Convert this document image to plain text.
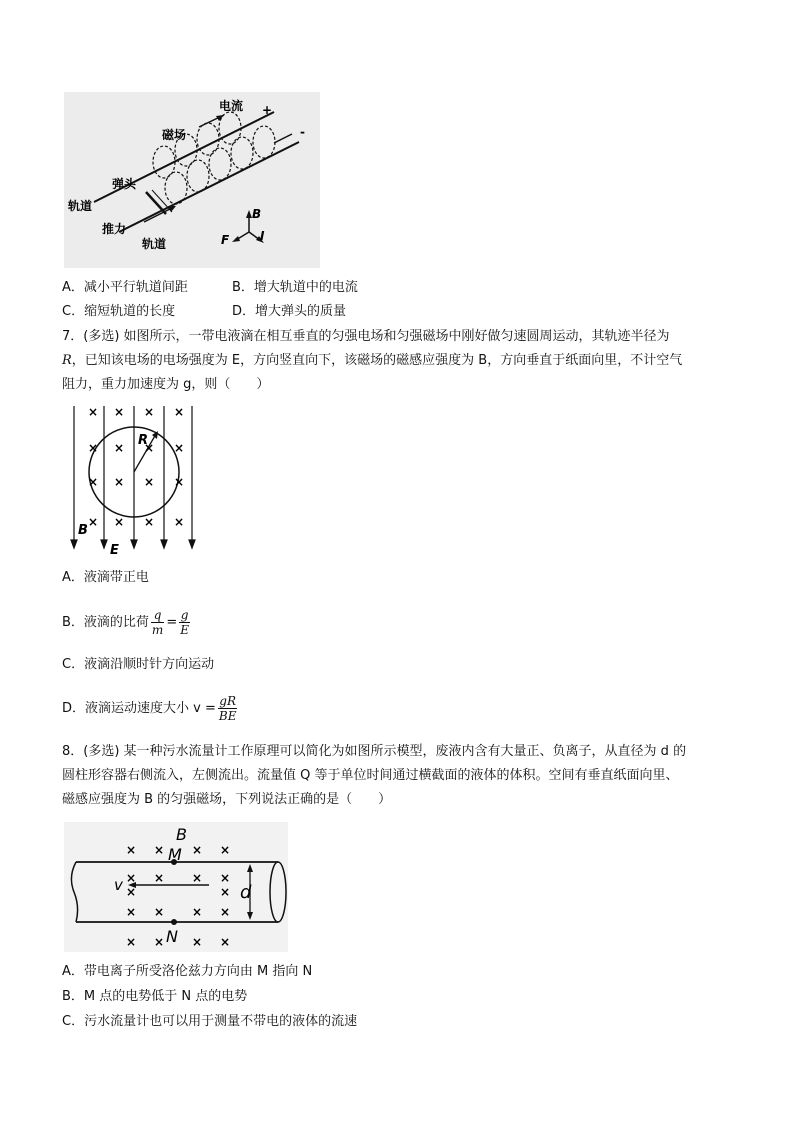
电流 +
-
磁场
弹头
轨道
推力
轨道
B
F	I
A．减小平行轨道间距	B．增大轨道中的电流
C．缩短轨道的长度	D．增大弹头的质量
7．(多选) 如图所示，一带电液滴在相互垂直的匀强电场和匀强磁场中刚好做匀速圆周运动，其轨迹半径为
R，已知该电场的电场强度为 E，方向竖直向下，该磁场的磁感应强度为 B，方向垂直于纸面向里，不计空气
阻力，重力加速度为 g，则（　　）
× × × ×
× × × ×
× × × ×
× × × ×
R
B
E
A．液滴带正电
B．液滴的比荷 $\frac{q}{m} = \frac{g}{E}$
C．液滴沿顺时针方向运动
D．液滴运动速度大小 $v = \frac{gR}{BE}$
8．(多选) 某一种污水流量计工作原理可以简化为如图所示模型，废液内含有大量正、负离子，从直径为 d 的
圆柱形容器右侧流入，左侧流出。流量值 Q 等于单位时间通过横截面的液体的体积。空间有垂直纸面向里、
磁感应强度为 B 的匀强磁场，下列说法正确的是（　　）
× × × ×
× × × ×
×	×
× × × ×
× × × ×
B
M
N
v	d
A．带电离子所受洛伦兹力方向由 M 指向 N
B．M 点的电势低于 N 点的电势
C．污水流量计也可以用于测量不带电的液体的流速
